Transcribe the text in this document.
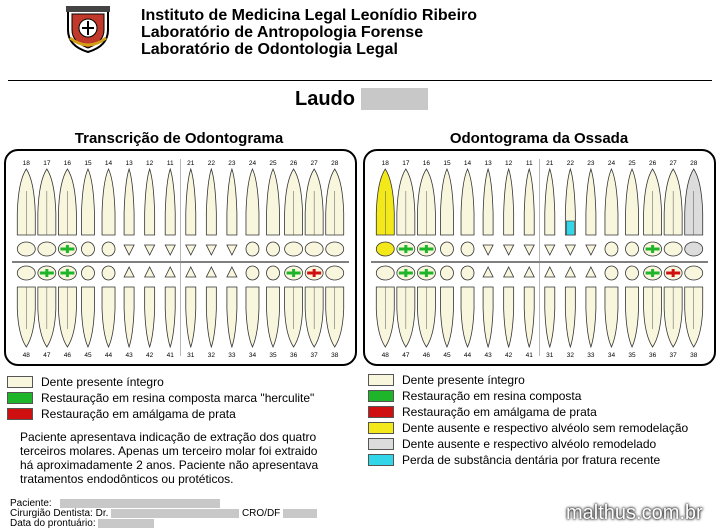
Instituto de Medicina Legal Leonídio Ribeiro
Laboratório de Antropologia Forense
Laboratório de Odontologia Legal
Laudo
Transcrição de Odontograma	Odontograma da Ossada
18
48
17
47
16
46
15
45
14
44
13
43
12
42
11
41
21
31
22
32
23
33
24
34
25
35
26
36
27
37
28
38
18
48
17
47
16
46
15
45
14
44
13
43
12
42
11
41
21
31
22
32
23
33
24
34
25
35
26
36
27
37
28
38
Dente presente íntegro
Restauração em resina composta marca "herculite"
Restauração em amálgama de prata
Dente presente íntegro
Restauração em resina composta
Restauração em amálgama de prata
Dente ausente e respectivo alvéolo sem remodelação
Dente ausente e respectivo alvéolo remodelado
Perda de substância dentária por fratura recente
Paciente apresentava indicação de extração dos quatro
terceiros molares. Apenas um terceiro molar foi extraido
há aproximadamente 2 anos. Paciente não apresentava
tratamentos endodônticos ou protéticos.
Paciente:
Cirurgião Dentista: Dr.	CRO/DF
Data do prontuário:	malthus.com.br
